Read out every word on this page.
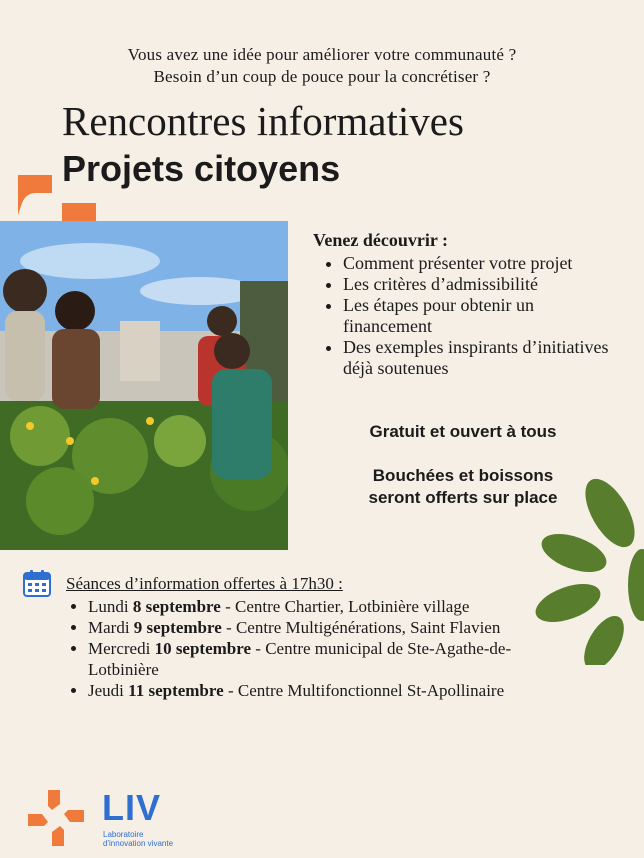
Vous avez une idée pour améliorer votre communauté ?
Besoin d’un coup de pouce pour la concrétiser ?
Rencontres informatives
Projets citoyens
Venez découvrir :
• Comment présenter votre projet
• Les critères d’admissibilité
• Les étapes pour obtenir un financement
• Des exemples inspirants d’initiatives déjà soutenues
Gratuit et ouvert à tous
Bouchées et boissons
seront offerts sur place
Séances d’information offertes à 17h30 :
• Lundi 8 septembre - Centre Chartier, Lotbinière village
• Mardi 9 septembre - Centre Multigénérations, Saint Flavien
• Mercredi 10 septembre - Centre municipal de Ste-Agathe-de-Lotbinière
• Jeudi 11 septembre - Centre Multifonctionnel St-Apollinaire
LIV
Laboratoire
d'innovation vivante
